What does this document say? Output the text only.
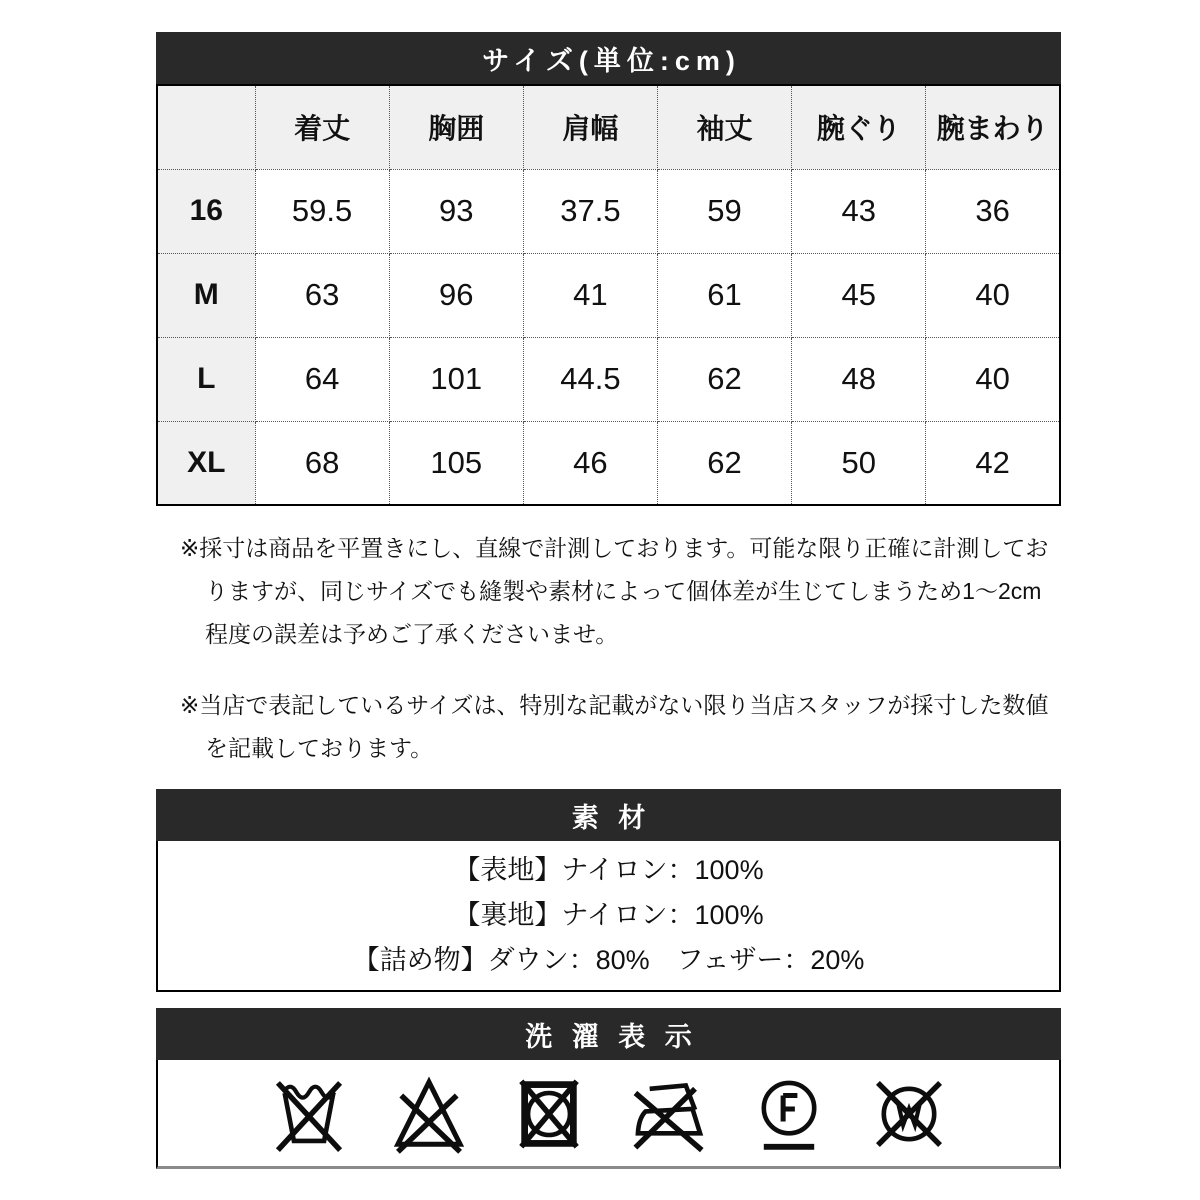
サイズ(単位:cm)
	着丈	胸囲	肩幅	袖丈	腕ぐり	腕まわり
16	59.5	93	37.5	59	43	36
M	63	96	41	61	45	40
L	64	101	44.5	62	48	40
XL	68	105	46	62	50	42

※採寸は商品を平置きにし、直線で計測しております。可能な限り正確に計測しておりますが、同じサイズでも縫製や素材によって個体差が生じてしまうため1〜2cm程度の誤差は予めご了承くださいませ。

※当店で表記しているサイズは、特別な記載がない限り当店スタッフが採寸した数値を記載しております。

素 材
【表地】ナイロン：100%
【裏地】ナイロン：100%
【詰め物】ダウン：80%　フェザー：20%
洗 濯 表 示
